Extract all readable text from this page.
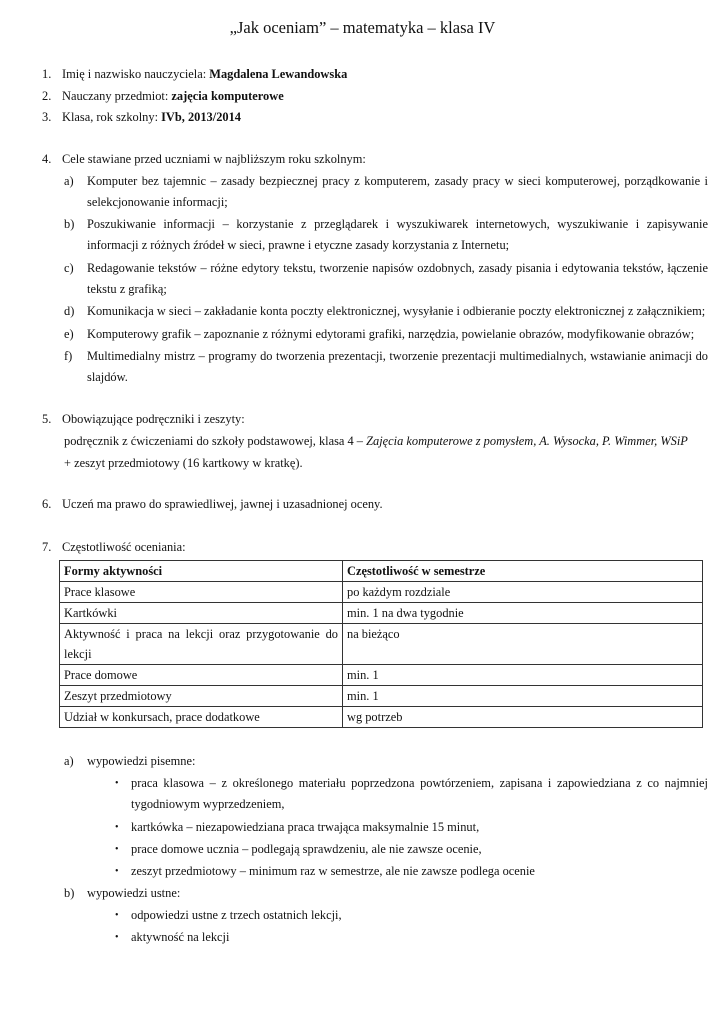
„Jak oceniam” – matematyka – klasa IV
1. Imię i nazwisko nauczyciela: Magdalena Lewandowska
2. Nauczany przedmiot: zajęcia komputerowe
3. Klasa, rok szkolny: IVb, 2013/2014
4. Cele stawiane przed uczniami w najbliższym roku szkolnym:
a) Komputer bez tajemnic – zasady bezpiecznej pracy z komputerem, zasady pracy w sieci komputerowej, porządkowanie i selekcjonowanie informacji;
b) Poszukiwanie informacji – korzystanie z przeglądarek i wyszukiwarek internetowych, wyszukiwanie i zapisywanie informacji z różnych źródeł w sieci, prawne i etyczne zasady korzystania z Internetu;
c) Redagowanie tekstów – różne edytory tekstu, tworzenie napisów ozdobnych, zasady pisania i edytowania tekstów, łączenie tekstu z grafiką;
d) Komunikacja w sieci – zakładanie konta poczty elektronicznej, wysyłanie i odbieranie poczty elektronicznej z załącznikiem;
e) Komputerowy grafik – zapoznanie z różnymi edytorami grafiki, narzędzia, powielanie obrazów, modyfikowanie obrazów;
f) Multimedialny mistrz – programy do tworzenia prezentacji, tworzenie prezentacji multimedialnych, wstawianie animacji do slajdów.
5. Obowiązujące podręczniki i zeszyty:
podręcznik z ćwiczeniami do szkoły podstawowej, klasa 4 – Zajęcia komputerowe z pomysłem, A. Wysocka, P. Wimmer, WSiP
+ zeszyt przedmiotowy (16 kartkowy w kratkę).
6. Uczeń ma prawo do sprawiedliwej, jawnej i uzasadnionej oceny.
7. Częstotliwość oceniania:
Formy aktywności	Częstotliwość w semestrze
Prace klasowe	po każdym rozdziale
Kartkówki	min. 1 na dwa tygodnie
Aktywność i praca na lekcji oraz przygotowanie do lekcji	na bieżąco
Prace domowe	min. 1
Zeszyt przedmiotowy	min. 1
Udział w konkursach, prace dodatkowe	wg potrzeb
a) wypowiedzi pisemne:
• praca klasowa – z określonego materiału poprzedzona powtórzeniem, zapisana i zapowiedziana z co najmniej tygodniowym wyprzedzeniem,
• kartkówka – niezapowiedziana praca trwająca maksymalnie 15 minut,
• prace domowe ucznia – podlegają sprawdzeniu, ale nie zawsze ocenie,
• zeszyt przedmiotowy – minimum raz w semestrze, ale nie zawsze podlega ocenie
b) wypowiedzi ustne:
• odpowiedzi ustne z trzech ostatnich lekcji,
• aktywność na lekcji
